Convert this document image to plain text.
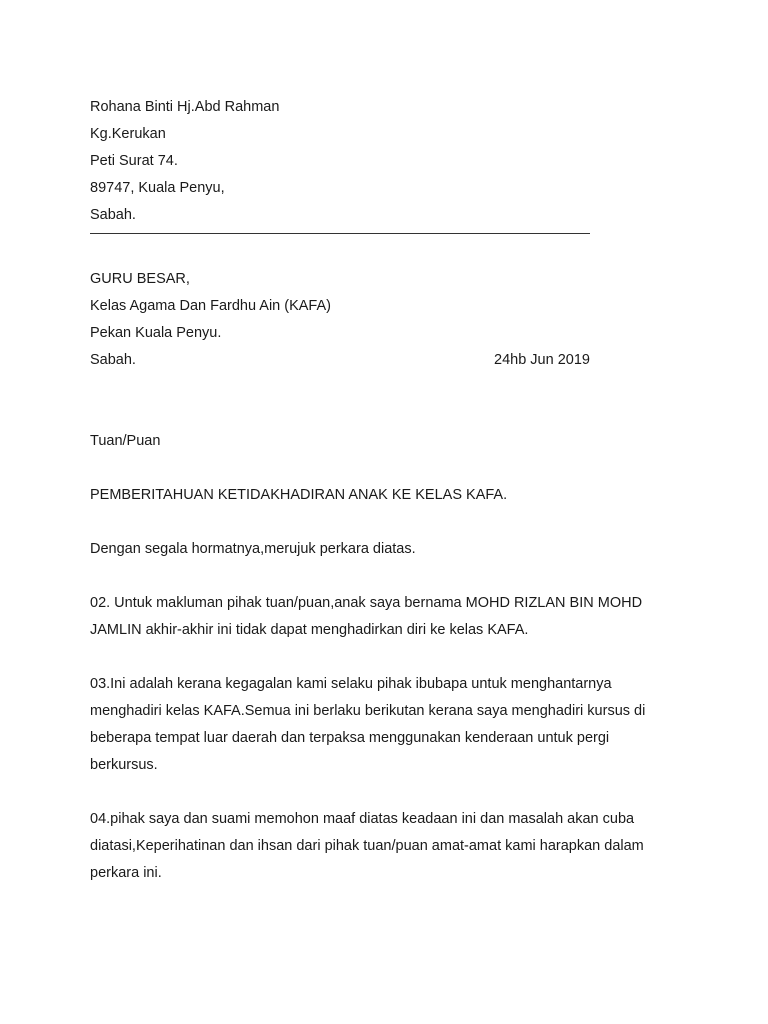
Rohana Binti Hj.Abd Rahman
Kg.Kerukan
Peti Surat 74.
89747, Kuala Penyu,
Sabah.
GURU BESAR,
Kelas Agama Dan Fardhu Ain (KAFA)
Pekan Kuala Penyu.
Sabah.	24hb Jun 2019
Tuan/Puan
PEMBERITAHUAN KETIDAKHADIRAN ANAK KE KELAS KAFA.
Dengan segala hormatnya,merujuk perkara diatas.
02. Untuk makluman pihak tuan/puan,anak saya bernama MOHD RIZLAN BIN MOHD
JAMLIN akhir-akhir ini tidak dapat menghadirkan diri ke kelas KAFA.
03.Ini adalah kerana kegagalan kami selaku pihak ibubapa untuk menghantarnya
menghadiri kelas KAFA.Semua ini berlaku berikutan kerana saya menghadiri kursus di
beberapa tempat luar daerah dan terpaksa menggunakan kenderaan untuk pergi
berkursus.
04.pihak saya dan suami memohon maaf diatas keadaan ini dan masalah akan cuba
diatasi,Keperihatinan dan ihsan dari pihak tuan/puan amat-amat kami harapkan dalam
perkara ini.
